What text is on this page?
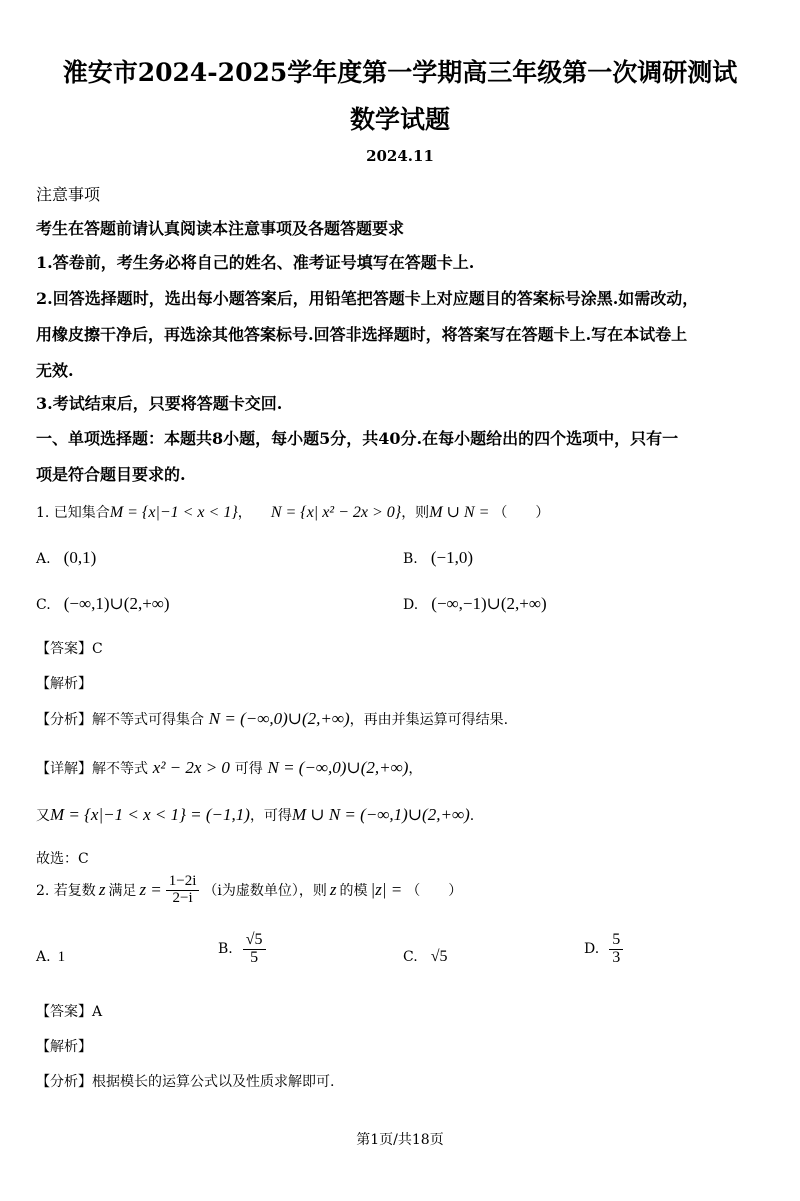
淮安市2024-2025学年度第一学期高三年级第一次调研测试
数学试题
2024.11
注意事项
考生在答题前请认真阅读本注意事项及各题答题要求
1.答卷前，考生务必将自己的姓名、准考证号填写在答题卡上.
2.回答选择题时，选出每小题答案后，用铅笔把答题卡上对应题目的答案标号涂黑.如需改动，
用橡皮擦干净后，再选涂其他答案标号.回答非选择题时，将答案写在答题卡上.写在本试卷上
无效.
3.考试结束后，只要将答题卡交回.
一、单项选择题：本题共8小题，每小题5分，共40分.在每小题给出的四个选项中，只有一
项是符合题目要求的.
1. 已知集合M = {x|−1 < x < 1}， N = {x| x² − 2x > 0}，则M ∪ N = （　　）
A. (0,1)	B. (−1,0)
C. (−∞,1)∪(2,+∞)	D. (−∞,−1)∪(2,+∞)
【答案】C
【解析】
【分析】解不等式可得集合 N = (−∞,0)∪(2,+∞)，再由并集运算可得结果.
【详解】解不等式 x² − 2x > 0 可得 N = (−∞,0)∪(2,+∞)，
又M = {x|−1 < x < 1} = (−1,1)，可得M ∪ N = (−∞,1)∪(2,+∞).
故选：C
2. 若复数 z 满足 $z = \frac{1-2i}{2-i} (i$为虚数单位），则 z 的模 |z| = （　　）
A. 1	B. $\frac{√5}{5}$	C. √5	D. $\frac{5}{3}$
【答案】A
【解析】
【分析】根据模长的运算公式以及性质求解即可.
第1页/共18页
